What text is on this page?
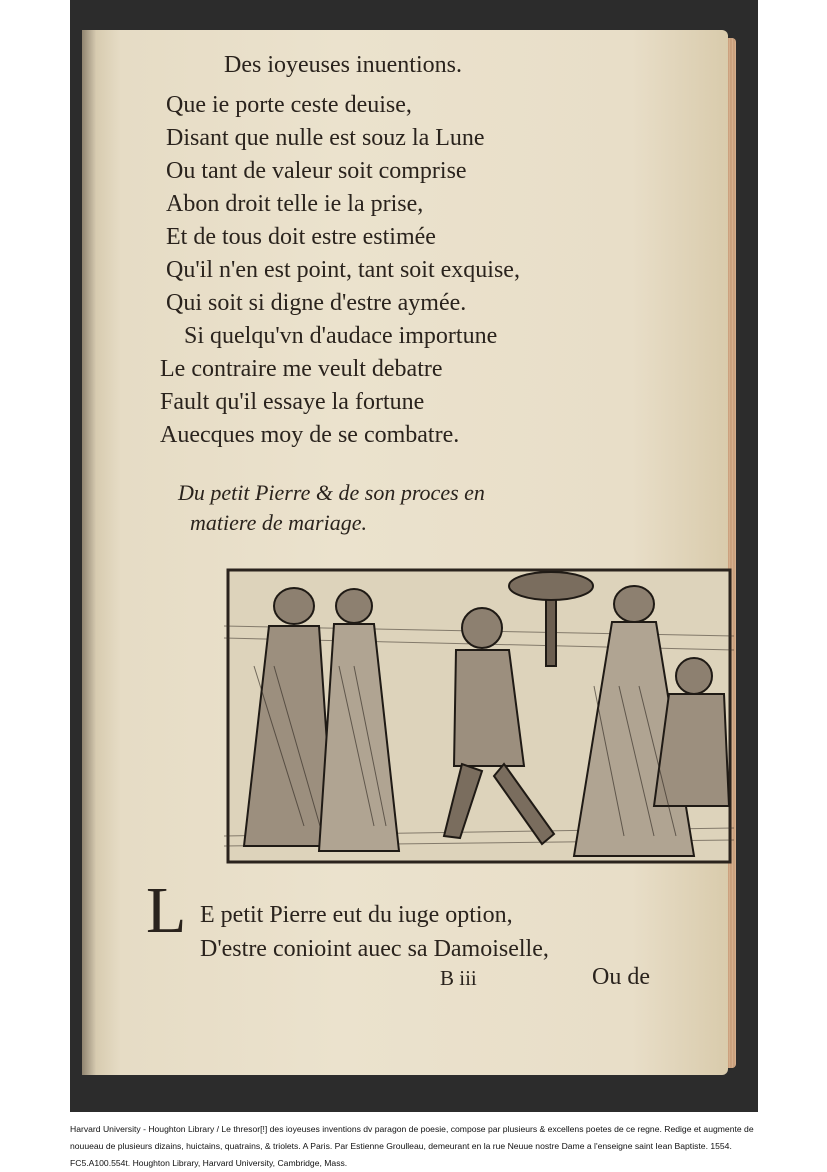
Des ioyeuses inuentions.
Que ie porte ceste deuise,
Disant que nulle est souz la Lune
Ou tant de valeur soit comprise
Abon droit telle ie la prise,
Et de tous doit estre estimée
Qu'il n'en est point, tant soit exquise,
Qui soit si digne d'estre aymée.
Si quelqu'vn d'audace importune
Le contraire me veult debatre
Fault qu'il essaye la fortune
Auecques moy de se combatre.
Du petit Pierre & de son proces en
matiere de mariage.
L E petit Pierre eut du iuge option,
D'estre conioint auec sa Damoiselle,
B iii	Ou de
Harvard University - Houghton Library / Le thresor[!] des ioyeuses inventions dv paragon de poesie, compose par plusieurs & excellens poetes de ce regne. Redige et augmente de nouueau de plusieurs dizains, huictains, quatrains, & triolets. A Paris. Par Estienne Groulleau, demeurant en la rue Neuue nostre Dame a l'enseigne saint Iean Baptiste. 1554. FC5.A100.554t. Houghton Library, Harvard University, Cambridge, Mass.
